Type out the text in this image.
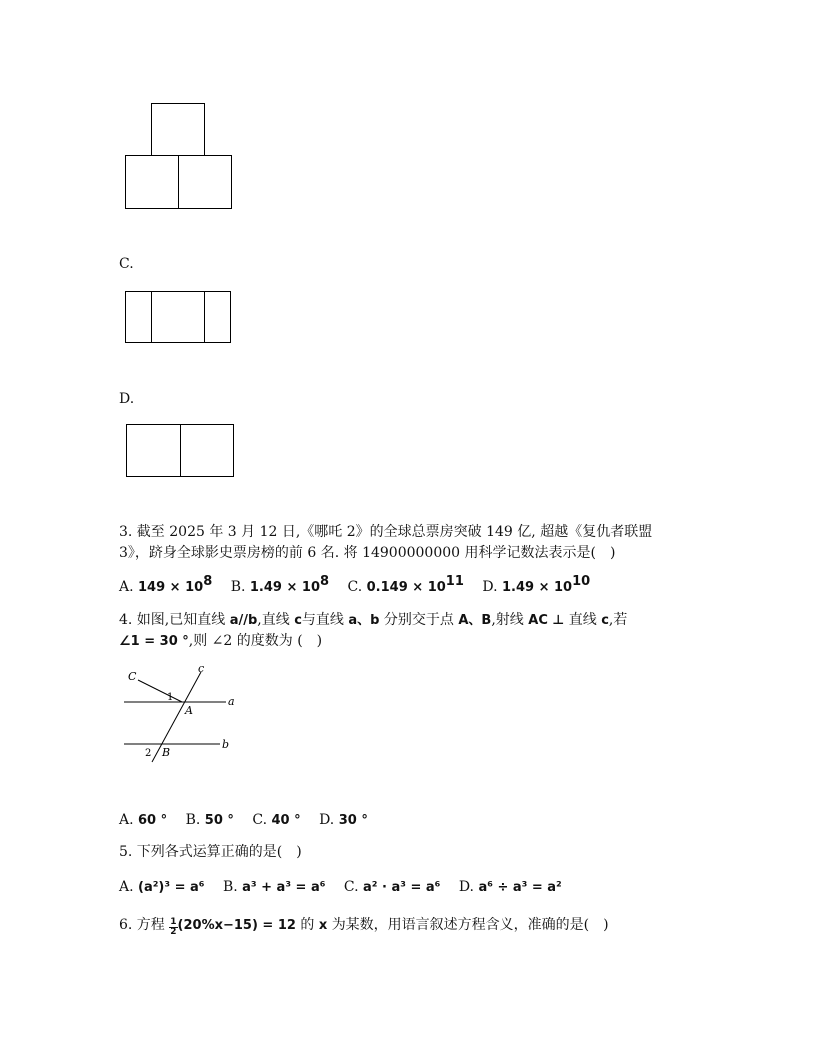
C.
D.
3. 截至 2025 年 3 月 12 日,《哪吒 2》的全球总票房突破 149 亿, 超越《复仇者联盟
3》，跻身全球影史票房榜的前 6 名. 将 14900000000 用科学记数法表示是(　)
A. $149 \times 10^8$ B. $1.49 \times 10^8$ C. $0.149 \times 10^{11}$ D. $1.49 \times 10^{10}$
4. 如图,已知直线 a//b,直线 c与直线 a、b 分别交于点 A、B,射线 AC ⊥ 直线 c,若
∠1 = 30 °,则 ∠2 的度数为 (　)
C
c
1
A
a
2 B
b
A. 60 ° B. 50 ° C. 40 ° D. 30 °
5. 下列各式运算正确的是(　)
A. (a²)³ = a⁶ B. a³ + a³ = a⁶ C. a² · a³ = a⁶ D. a⁶ ÷ a³ = a²
6. 方程 $\frac{1}{2} (20\%x-15) = 12$ 的 x 为某数，用语言叙述方程含义，准确的是(　)
